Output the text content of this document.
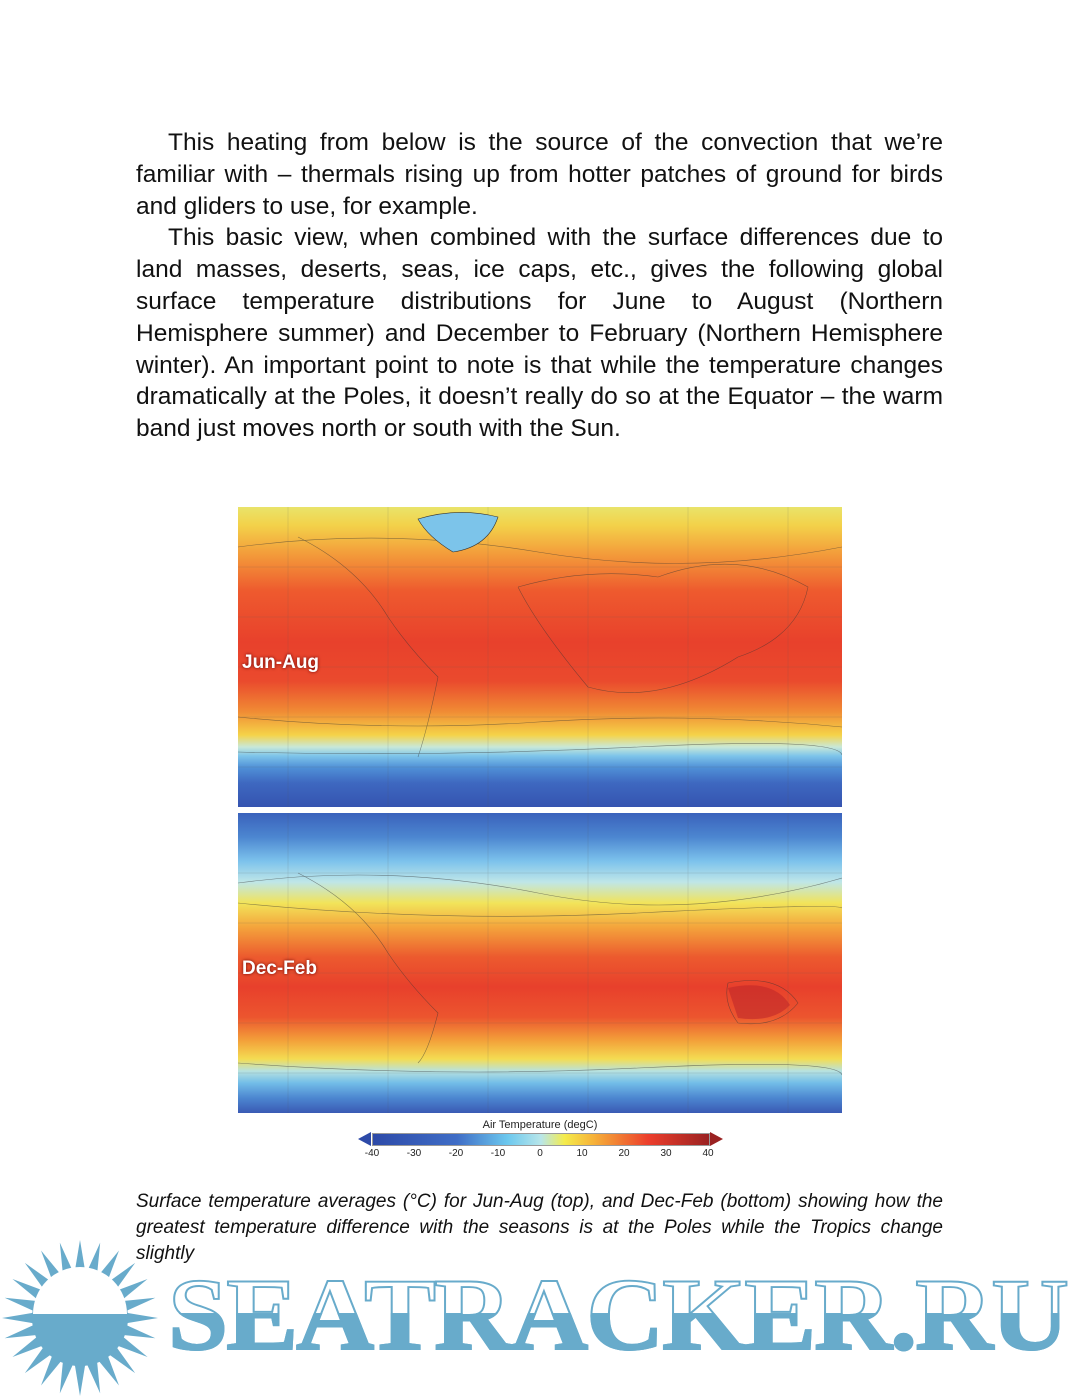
This heating from below is the source of the convection that we’re familiar with – thermals rising up from hotter patches of ground for birds and gliders to use, for example.

This basic view, when combined with the surface differences due to land masses, deserts, seas, ice caps, etc., gives the following global surface temperature distributions for June to August (Northern Hemisphere summer) and December to February (Northern Hemisphere winter). An important point to note is that while the temperature changes dramatically at the Poles, it doesn’t really do so at the Equator – the warm band just moves north or south with the Sun.

Jun-Aug
Dec-Feb
Air Temperature (degC)
-40	-30	-20	-10	0	10	20	30	40
Surface temperature averages (°C) for Jun-Aug (top), and Dec-Feb (bottom) showing how the greatest temperature difference with the seasons is at the Poles while the Tropics change slightly
SEATRACKER.RU
